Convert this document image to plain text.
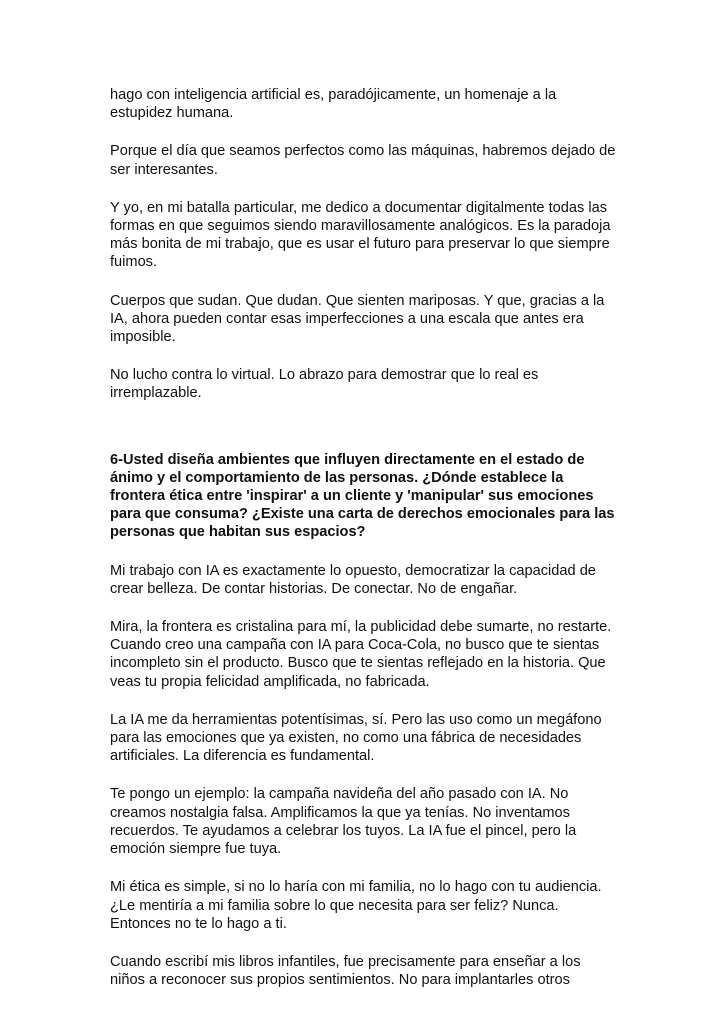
hago con inteligencia artificial es, paradójicamente, un homenaje a la estupidez humana.

Porque el día que seamos perfectos como las máquinas, habremos dejado de ser interesantes.

Y yo, en mi batalla particular, me dedico a documentar digitalmente todas las formas en que seguimos siendo maravillosamente analógicos. Es la paradoja más bonita de mi trabajo, que es usar el futuro para preservar lo que siempre fuimos.

Cuerpos que sudan. Que dudan. Que sienten mariposas. Y que, gracias a la IA, ahora pueden contar esas imperfecciones a una escala que antes era imposible.

No lucho contra lo virtual. Lo abrazo para demostrar que lo real es irremplazable.

6-Usted diseña ambientes que influyen directamente en el estado de ánimo y el comportamiento de las personas. ¿Dónde establece la frontera ética entre 'inspirar' a un cliente y 'manipular' sus emociones para que consuma? ¿Existe una carta de derechos emocionales para las personas que habitan sus espacios?

Mi trabajo con IA es exactamente lo opuesto, democratizar la capacidad de crear belleza. De contar historias. De conectar. No de engañar.

Mira, la frontera es cristalina para mí, la publicidad debe sumarte, no restarte. Cuando creo una campaña con IA para Coca-Cola, no busco que te sientas incompleto sin el producto. Busco que te sientas reflejado en la historia. Que veas tu propia felicidad amplificada, no fabricada.

La IA me da herramientas potentísimas, sí. Pero las uso como un megáfono para las emociones que ya existen, no como una fábrica de necesidades artificiales. La diferencia es fundamental.

Te pongo un ejemplo: la campaña navideña del año pasado con IA. No creamos nostalgia falsa. Amplificamos la que ya tenías. No inventamos recuerdos. Te ayudamos a celebrar los tuyos. La IA fue el pincel, pero la emoción siempre fue tuya.

Mi ética es simple, si no lo haría con mi familia, no lo hago con tu audiencia. ¿Le mentiría a mi familia sobre lo que necesita para ser feliz? Nunca. Entonces no te lo hago a ti.

Cuando escribí mis libros infantiles, fue precisamente para enseñar a los niños a reconocer sus propios sentimientos. No para implantarles otros
